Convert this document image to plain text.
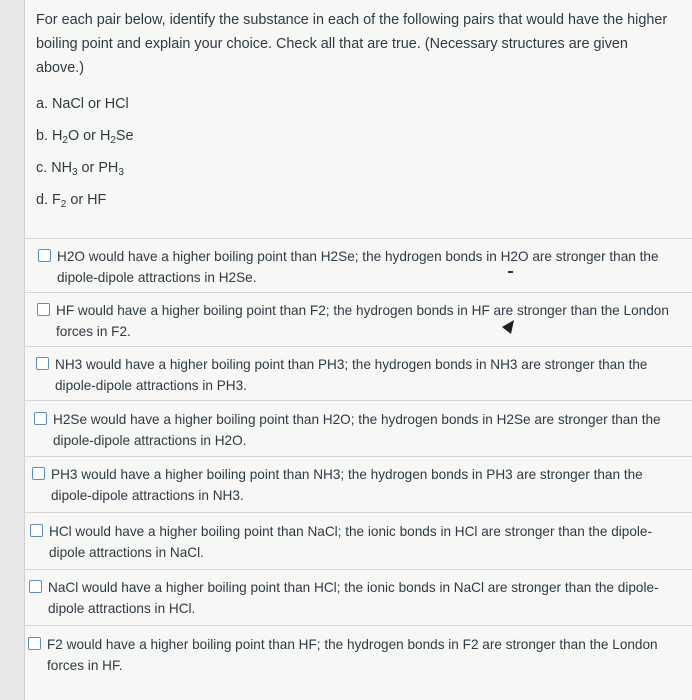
For each pair below, identify the substance in each of the following pairs that would have the higher boiling point and explain your choice. Check all that are true. (Necessary structures are given above.)
a. NaCl or HCl
b. $H_2O$ or $H_2Se$
c. $NH_3$ or $PH_3$
d. $F_2$ or HF
H2O would have a higher boiling point than H2Se; the hydrogen bonds in H2O are stronger than the dipole-dipole attractions in H2Se.
HF would have a higher boiling point than F2; the hydrogen bonds in HF are stronger than the London forces in F2.
NH3 would have a higher boiling point than PH3; the hydrogen bonds in NH3 are stronger than the dipole-dipole attractions in PH3.
H2Se would have a higher boiling point than H2O; the hydrogen bonds in H2Se are stronger than the dipole-dipole attractions in H2O.
PH3 would have a higher boiling point than NH3; the hydrogen bonds in PH3 are stronger than the dipole-dipole attractions in NH3.
HCl would have a higher boiling point than NaCl; the ionic bonds in HCl are stronger than the dipole-dipole attractions in NaCl.
NaCl would have a higher boiling point than HCl; the ionic bonds in NaCl are stronger than the dipole-dipole attractions in HCl.
F2 would have a higher boiling point than HF; the hydrogen bonds in F2 are stronger than the London forces in HF.
